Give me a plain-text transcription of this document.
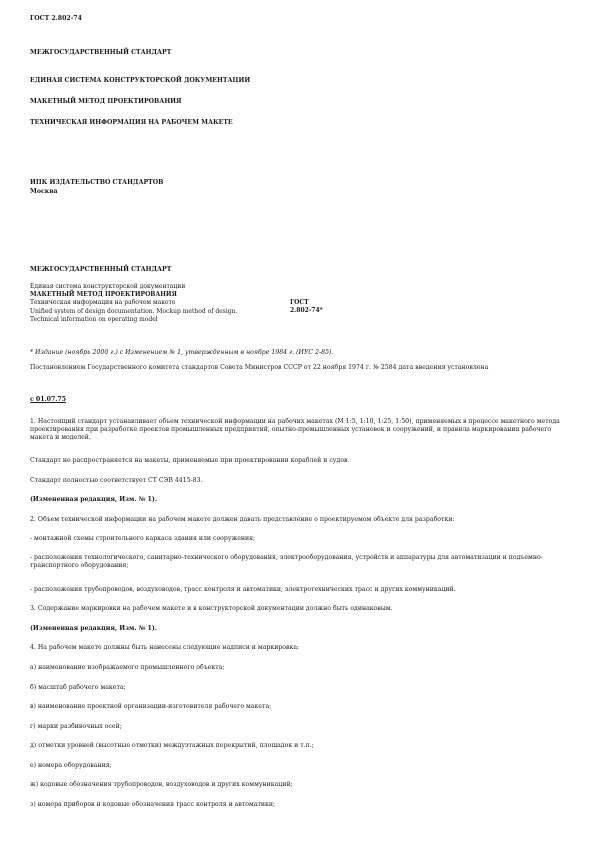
ГОСТ 2.802-74
МЕЖГОСУДАРСТВЕННЫЙ СТАНДАРТ
ЕДИНАЯ СИСТЕМА КОНСТРУКТОРСКОЙ ДОКУМЕНТАЦИИ
МАКЕТНЫЙ МЕТОД ПРОЕКТИРОВАНИЯ
ТЕХНИЧЕСКАЯ ИНФОРМАЦИЯ НА РАБОЧЕМ МАКЕТЕ
ИПК ИЗДАТЕЛЬСТВО СТАНДАРТОВ
Москва
МЕЖГОСУДАРСТВЕННЫЙ СТАНДАРТ
Единая система конструкторской документации
МАКЕТНЫЙ МЕТОД ПРОЕКТИРОВАНИЯ
Техническая информация на рабочем макете
Unified system of design documentation. Mockup method of design.
Technical information on operating model
ГОСТ
2.802-74*
* Издание (ноябрь 2000 г.) с Изменением № 1, утвержденным в ноябре 1984 г. (ИУС 2-85).
Постановлением Государственного комитета стандартов Совета Министров СССР от 22 ноября 1974 г. № 2584 дата введения установлена
с 01.07.75
1. Настоящий стандарт устанавливает объем технической информации на рабочих макетах (М 1:5, 1:10, 1:25, 1:50), применяемых в процессе макетного метода проектирования при разработке проектов промышленных предприятий, опытно-промышленных установок и сооружений, и правила маркирования рабочего макета и моделей.
Стандарт не распространяется на макеты, применяемые при проектировании кораблей и судов.
Стандарт полностью соответствует СТ СЭВ 4415-83.
(Измененная редакция, Изм. № 1).
2. Объем технической информации на рабочем макете должен давать представление о проектируемом объекте для разработки:
- монтажной схемы строительного каркаса здания или сооружения;
- расположения технологического, санитарно-технического оборудования, электрооборудования, устройств и аппаратуры для автоматизации и подъемно-транспортного оборудования;
- расположения трубопроводов, воздуховодов, трасс контроля и автоматики, электротехнических трасс и других коммуникаций.
3. Содержание маркировки на рабочем макете и в конструкторской документации должно быть одинаковым.
(Измененная редакция, Изм. № 1).
4. На рабочем макете должны быть нанесены следующие надписи и маркировка:
а) наименование изображаемого промышленного объекта;
б) масштаб рабочего макета;
в) наименование проектной организации-изготовителя рабочего макета;
г) марки разбивочных осей;
д) отметки уровней (высотные отметки) междуэтажных перекрытий, площадок и т.п.;
е) номера оборудования;
ж) кодовые обозначения трубопроводов, воздуховодов и других коммуникаций;
з) номера приборов и кодовые обозначения трасс контроля и автоматики;
